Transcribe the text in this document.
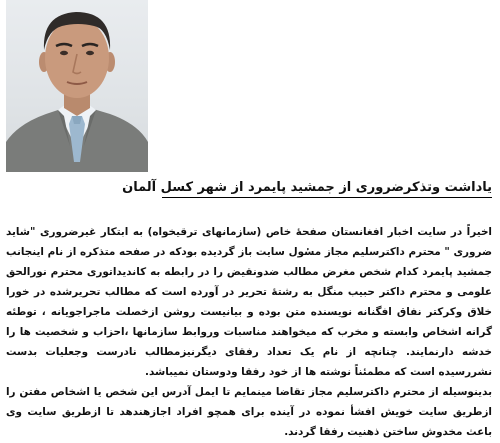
یاداشت وتذکرضروری از جمشید پایمرد از شهر کسل آلمان

اخیراً در سایت اخبار افغانستان صفحهٔ خاص (سازمانهای ترقیخواه) به ابتکار غیرضروری "شاید ضروری " محترم داکترسلیم مجاز مسٔول سایت باز گردیده بودکه در صفحه متذکره از نام اینجانب جمشید پایمرد کدام شخص مغرض مطالب ضدونقیض را در رابطه به کاندیداتوری محترم نورالحق علومی و محترم داکتر حبیب منگل به رشتهٔ تحریر در آورده است که مطالب تحریرشده در خورا خلاق وکرکتر نفاق افگنانه نویسنده متن بوده و بیانیست روشن ازخصلت ماجراجویانه ، توطئه گرانه اشخاص وابسته و مخرب که میخواهند مناسبات وروابط سازمانها ،احزاب و شخصیت ها را خدشه دارنمایند. چنانچه از نام یک تعداد رفقای دیگرنیزمطالب نادرست وجعلیات بدست نشررسیده است که مطمئناً نوشته ها از خود رفقا ودوستان نمیباشد.

بدینوسیله از محترم داکترسلیم مجاز تقاضا مینمایم تا ایمل آدرس این شخص یا اشخاص مفتن را ازطریق سایت خویش افشأ نموده در آینده برای همچو افراد اجازهندهد تا ازطریق سایت وی باعث مخدوش ساختن ذهنیت رفقا گردند.
